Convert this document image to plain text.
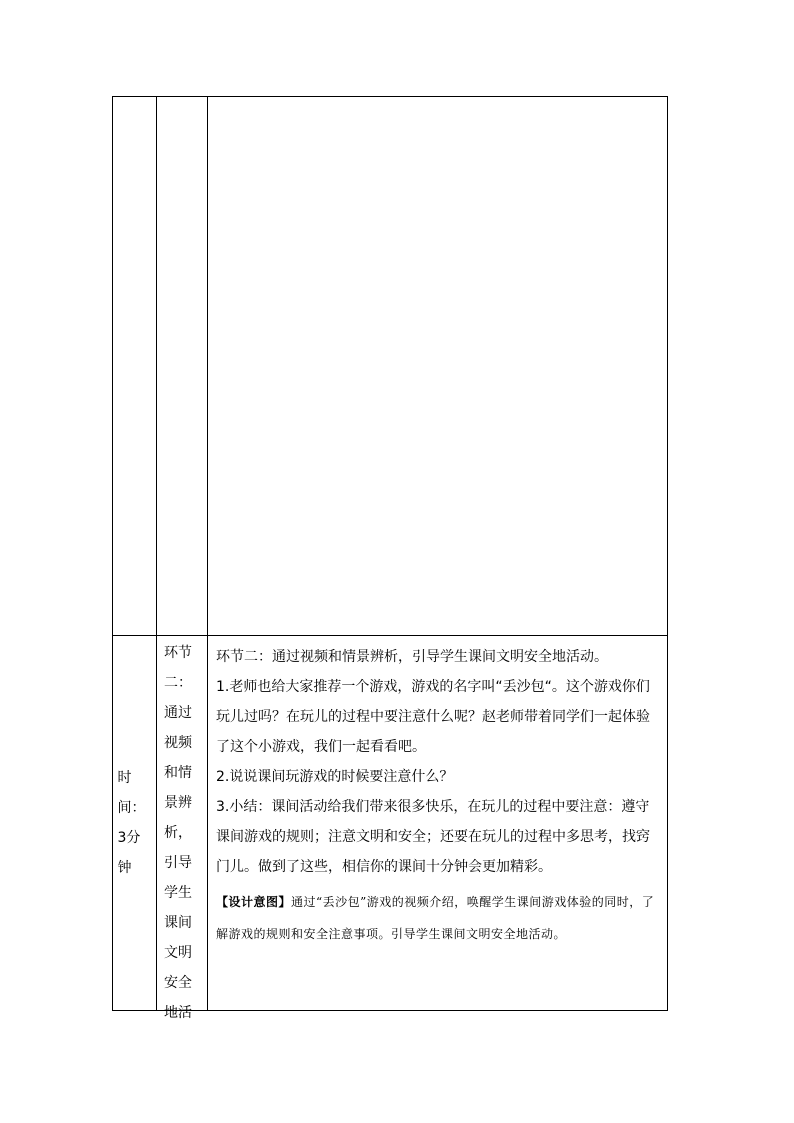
时间：3分钟	环节二：通过视频和情景辨析，引导学生课间文明安全地活	环节二：通过视频和情景辨析，引导学生课间文明安全地活动。

1.老师也给大家推荐一个游戏，游戏的名字叫“丢沙包“。这个游戏你们玩儿过吗？在玩儿的过程中要注意什么呢？赵老师带着同学们一起体验了这个小游戏，我们一起看看吧。

2.说说课间玩游戏的时候要注意什么？

3.小结：课间活动给我们带来很多快乐，在玩儿的过程中要注意：遵守课间游戏的规则；注意文明和安全；还要在玩儿的过程中多思考，找窍门儿。做到了这些，相信你的课间十分钟会更加精彩。

【设计意图】通过“丢沙包”游戏的视频介绍，唤醒学生课间游戏体验的同时，了解游戏的规则和安全注意事项。引导学生课间文明安全地活动。
